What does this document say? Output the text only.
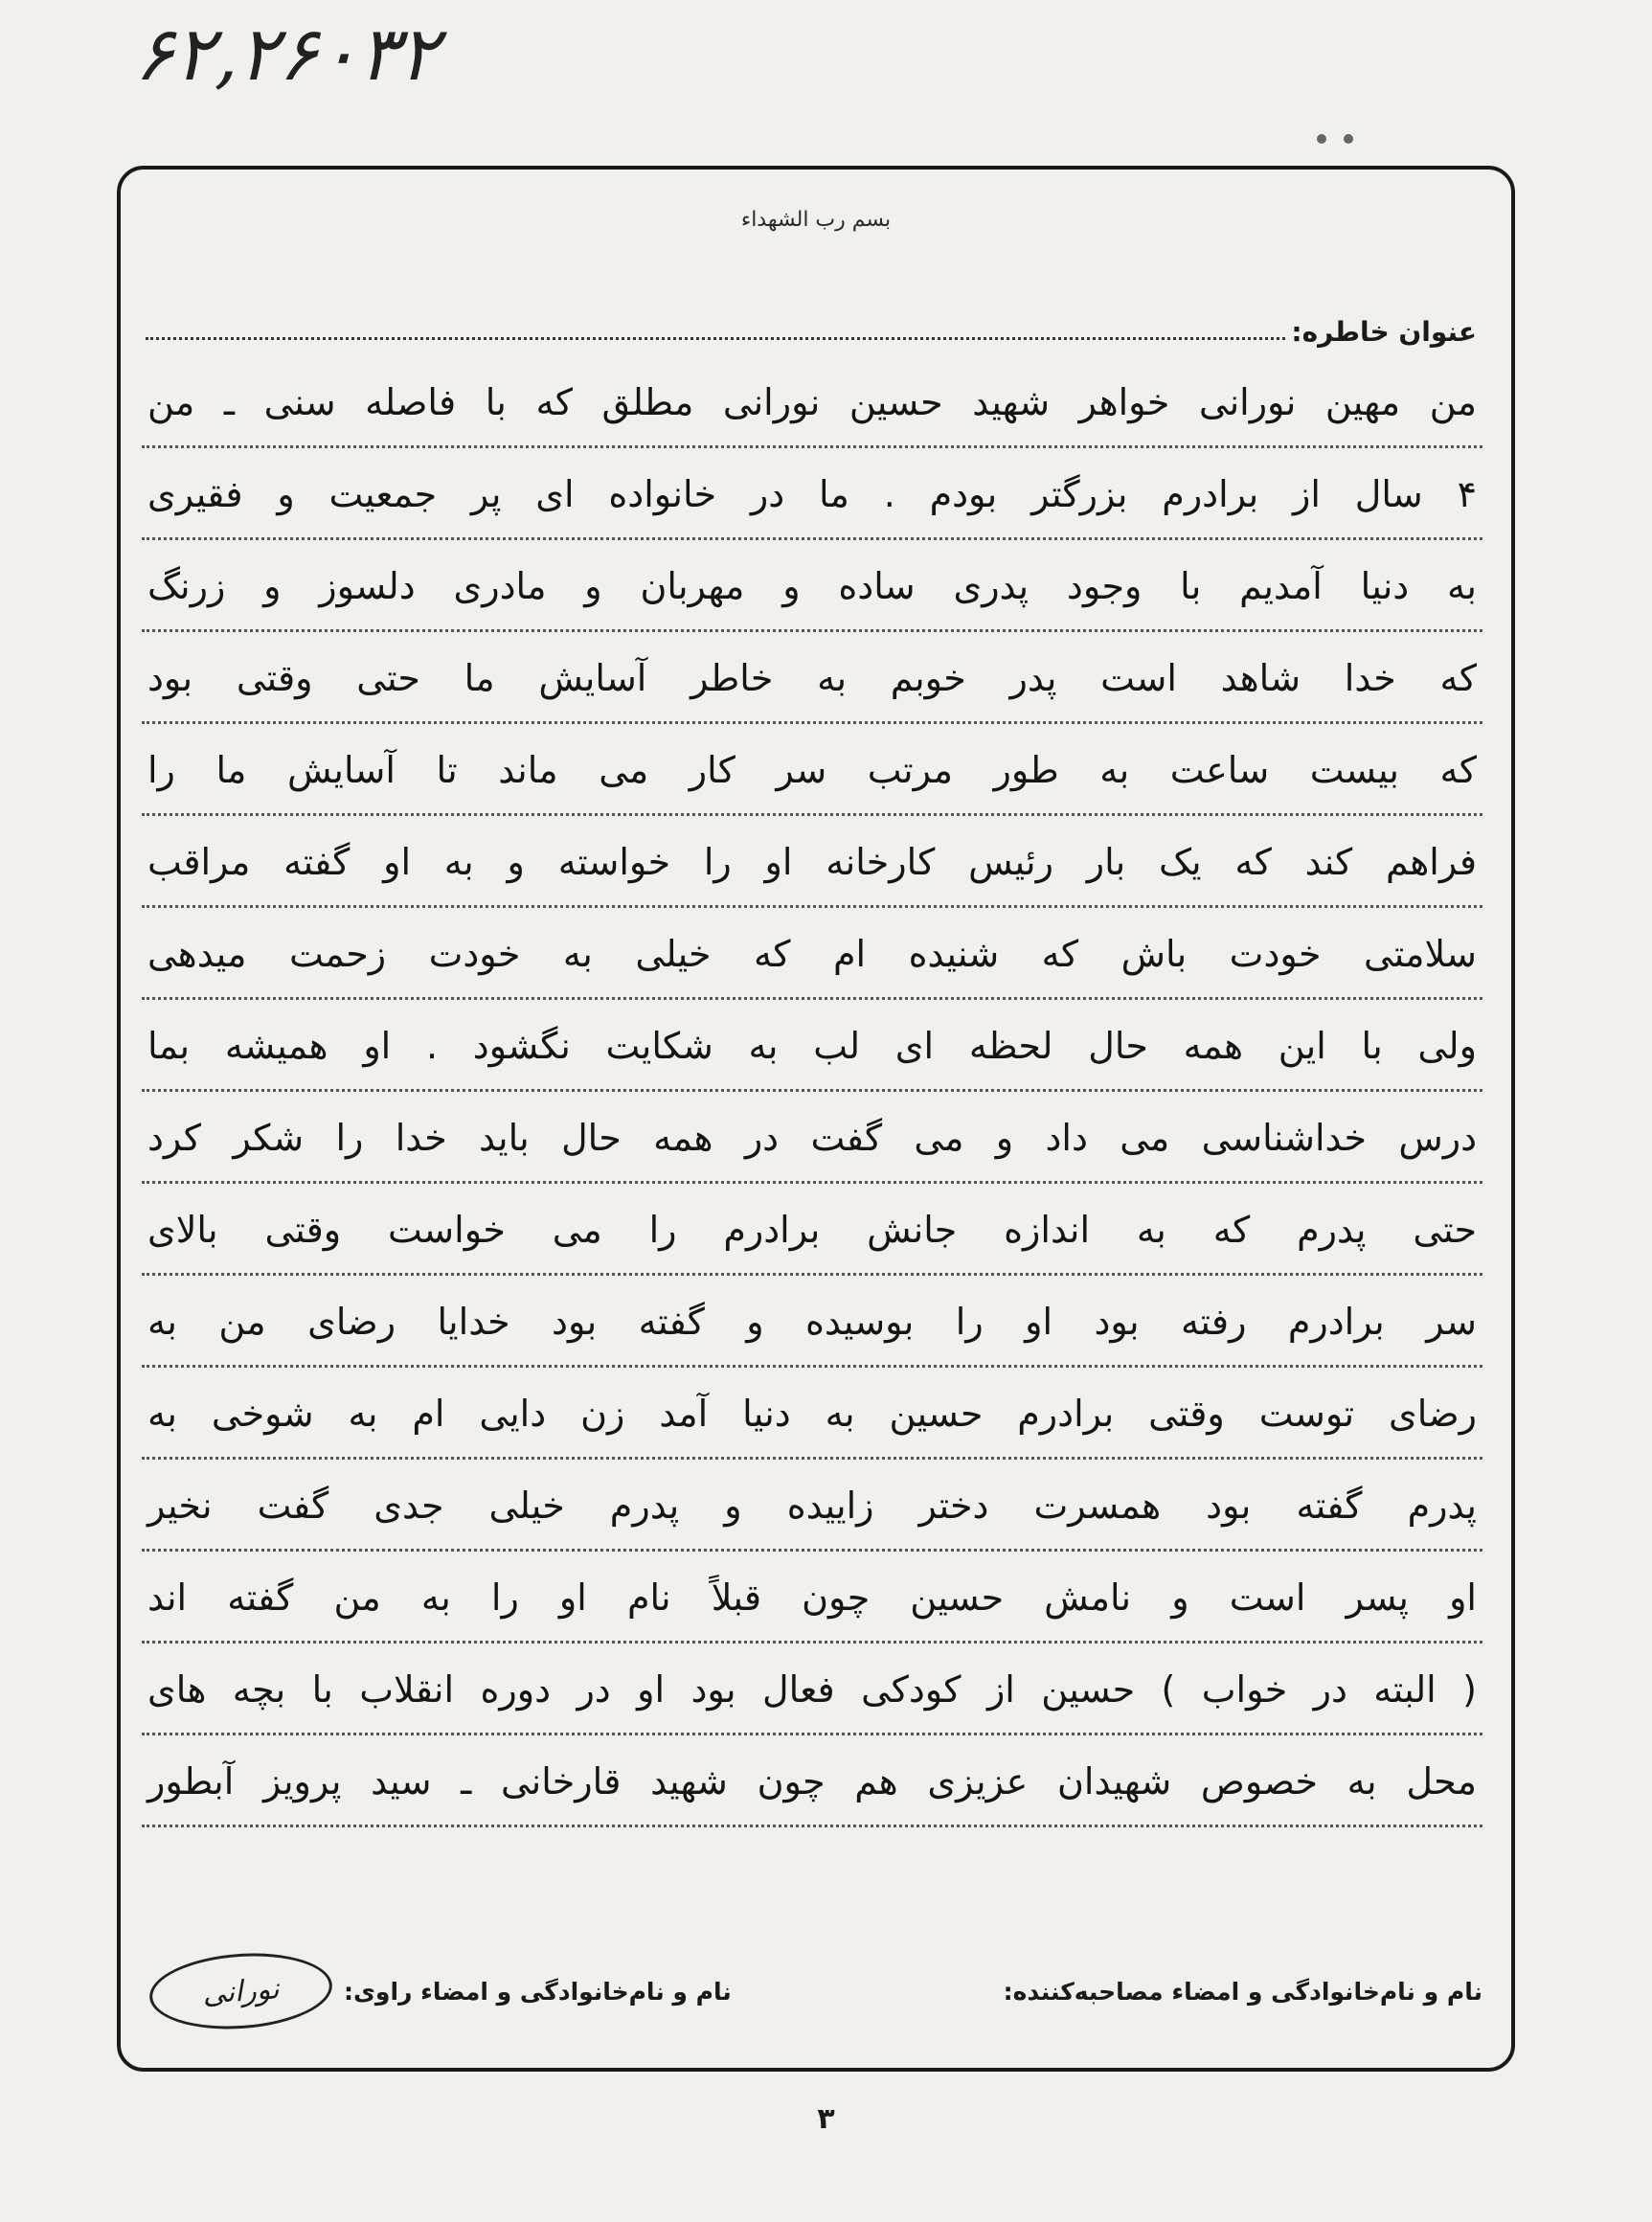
۶۲,۲۶۰۳۲
بسم رب الشهداء
عنوان خاطره:
من مهین نورانی خواهر شهید حسین نورانی مطلق که با فاصله سنی ـ من
۴ سال از برادرم بزرگتر بودم . ما در خانواده ای پر جمعیت و فقیری
به دنیا آمدیم با وجود پدری ساده و مهربان و مادری دلسوز و زرنگ
که خدا شاهد است پدر خوبم به خاطر آسایش ما حتی وقتی بود
که بیست ساعت به طور مرتب سر کار می ماند تا آسایش ما را
فراهم کند که یک بار رئیس کارخانه او را خواسته و به او گفته مراقب
سلامتی خودت باش که شنیده ام که خیلی به خودت زحمت میدهی
ولی با این همه حال لحظه ای لب به شکایت نگشود . او همیشه بما
درس خداشناسی می داد و می گفت در همه حال باید خدا را شکر کرد
حتی پدرم که به اندازه جانش برادرم را می خواست وقتی بالای
سر برادرم رفته بود او را بوسیده و گفته بود خدایا رضای من به
رضای توست وقتی برادرم حسین به دنیا آمد زن دایی ام به شوخی به
پدرم گفته بود همسرت دختر زاییده و پدرم خیلی جدی گفت نخیر
او پسر است و نامش حسین چون قبلاً نام او را به من گفته اند
( البته در خواب ) حسین از کودکی فعال بود او در دوره انقلاب با بچه های
محل به خصوص شهیدان عزیزی هم چون شهید قارخانی ـ سید پرویز آبطور
نام و نام‌خانوادگی و امضاء مصاحبه‌کننده:
نام و نام‌خانوادگی و امضاء راوی:
نورانی
۳
